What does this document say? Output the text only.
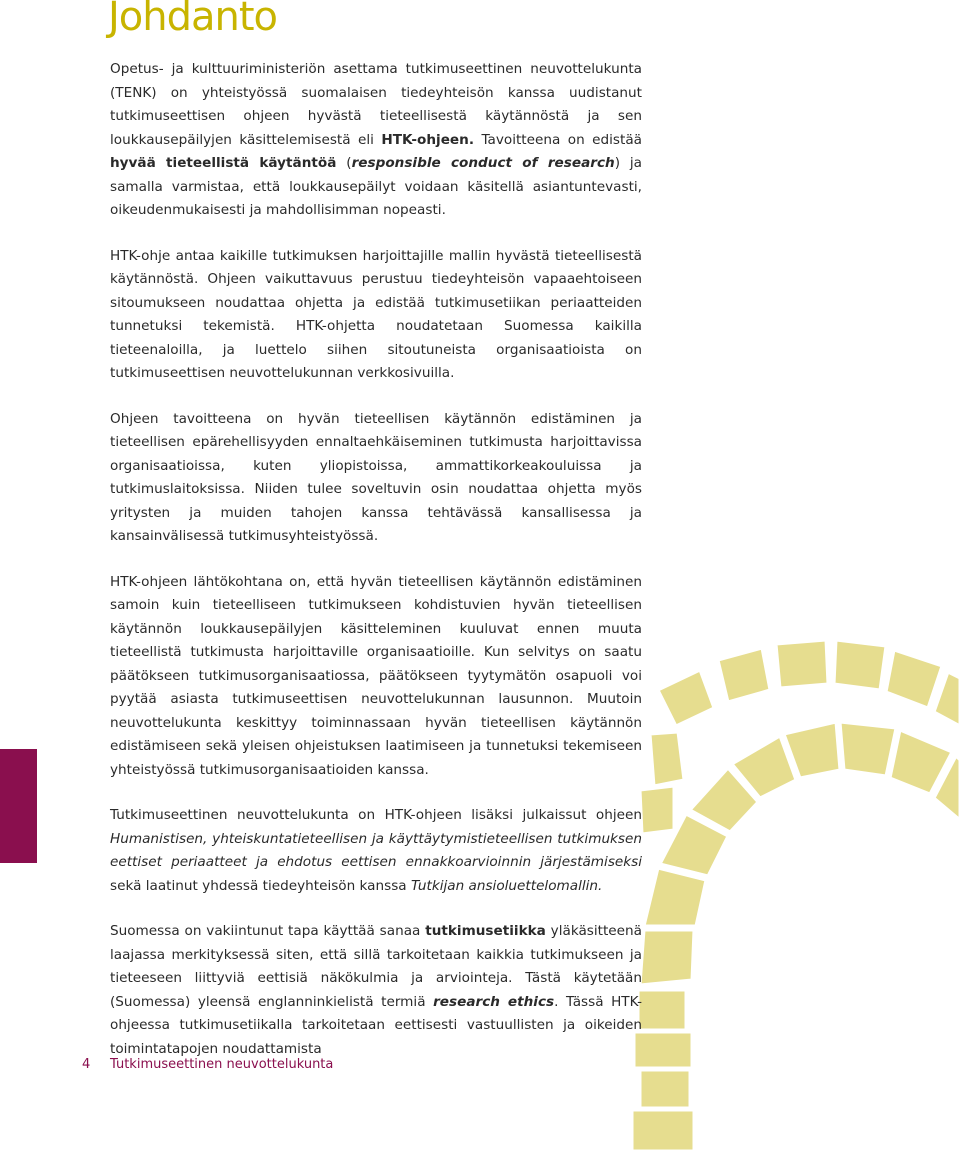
Johdanto

Opetus- ja kulttuuriministeriön asettama tutkimuseettinen neuvottelukunta (TENK) on yhteistyössä suomalaisen tiedeyhteisön kanssa uudistanut tutkimuseettisen ohjeen hyvästä tieteellisestä käytännöstä ja sen loukkausepäilyjen käsittelemisestä eli HTK-ohjeen. Tavoitteena on edistää hyvää tieteellistä käytäntöä (responsible conduct of research) ja samalla varmistaa, että loukkausepäilyt voidaan käsitellä asiantuntevasti, oikeudenmukaisesti ja mahdollisimman nopeasti.

HTK-ohje antaa kaikille tutkimuksen harjoittajille mallin hyvästä tieteellisestä käytännöstä. Ohjeen vaikuttavuus perustuu tiedeyhteisön vapaaehtoiseen sitoumukseen noudattaa ohjetta ja edistää tutkimusetiikan periaatteiden tunnetuksi tekemistä. HTK-ohjetta noudatetaan Suomessa kaikilla tieteenaloilla, ja luettelo siihen sitoutuneista organisaatioista on tutkimuseettisen neuvottelukunnan verkkosivuilla.

Ohjeen tavoitteena on hyvän tieteellisen käytännön edistäminen ja tieteellisen epärehellisyyden ennaltaehkäiseminen tutkimusta harjoittavissa organisaatioissa, kuten yliopistoissa, ammattikorkeakouluissa ja tutkimuslaitoksissa. Niiden tulee soveltuvin osin noudattaa ohjetta myös yritysten ja muiden tahojen kanssa tehtävässä kansallisessa ja kansainvälisessä tutkimusyhteistyössä.

HTK-ohjeen lähtökohtana on, että hyvän tieteellisen käytännön edistäminen samoin kuin tieteelliseen tutkimukseen kohdistuvien hyvän tieteellisen käytännön loukkausepäilyjen käsitteleminen kuuluvat ennen muuta tieteellistä tutkimusta harjoittaville organisaatioille. Kun selvitys on saatu päätökseen tutkimusorganisaatiossa, päätökseen tyytymätön osapuoli voi pyytää asiasta tutkimuseettisen neuvottelukunnan lausunnon. Muutoin neuvottelukunta keskittyy toiminnassaan hyvän tieteellisen käytännön edistämiseen sekä yleisen ohjeistuksen laatimiseen ja tunnetuksi tekemiseen yhteistyössä tutkimusorganisaatioiden kanssa.

Tutkimuseettinen neuvottelukunta on HTK-ohjeen lisäksi julkaissut ohjeen Humanistisen, yhteiskuntatieteellisen ja käyttäytymistieteellisen tutkimuksen eettiset periaatteet ja ehdotus eettisen ennakkoarvioinnin järjestämiseksi sekä laatinut yhdessä tiedeyhteisön kanssa Tutkijan ansioluettelomallin.

Suomessa on vakiintunut tapa käyttää sanaa tutkimusetiikka yläkäsitteenä laajassa merkityksessä siten, että sillä tarkoitetaan kaikkia tutkimukseen ja tieteeseen liittyviä eettisiä näkökulmia ja arviointeja. Tästä käytetään (Suomessa) yleensä englanninkielistä termiä research ethics. Tässä HTK-ohjeessa tutkimusetiikalla tarkoitetaan eettisesti vastuullisten ja oikeiden toimintatapojen noudattamista

4 Tutkimuseettinen neuvottelukunta
